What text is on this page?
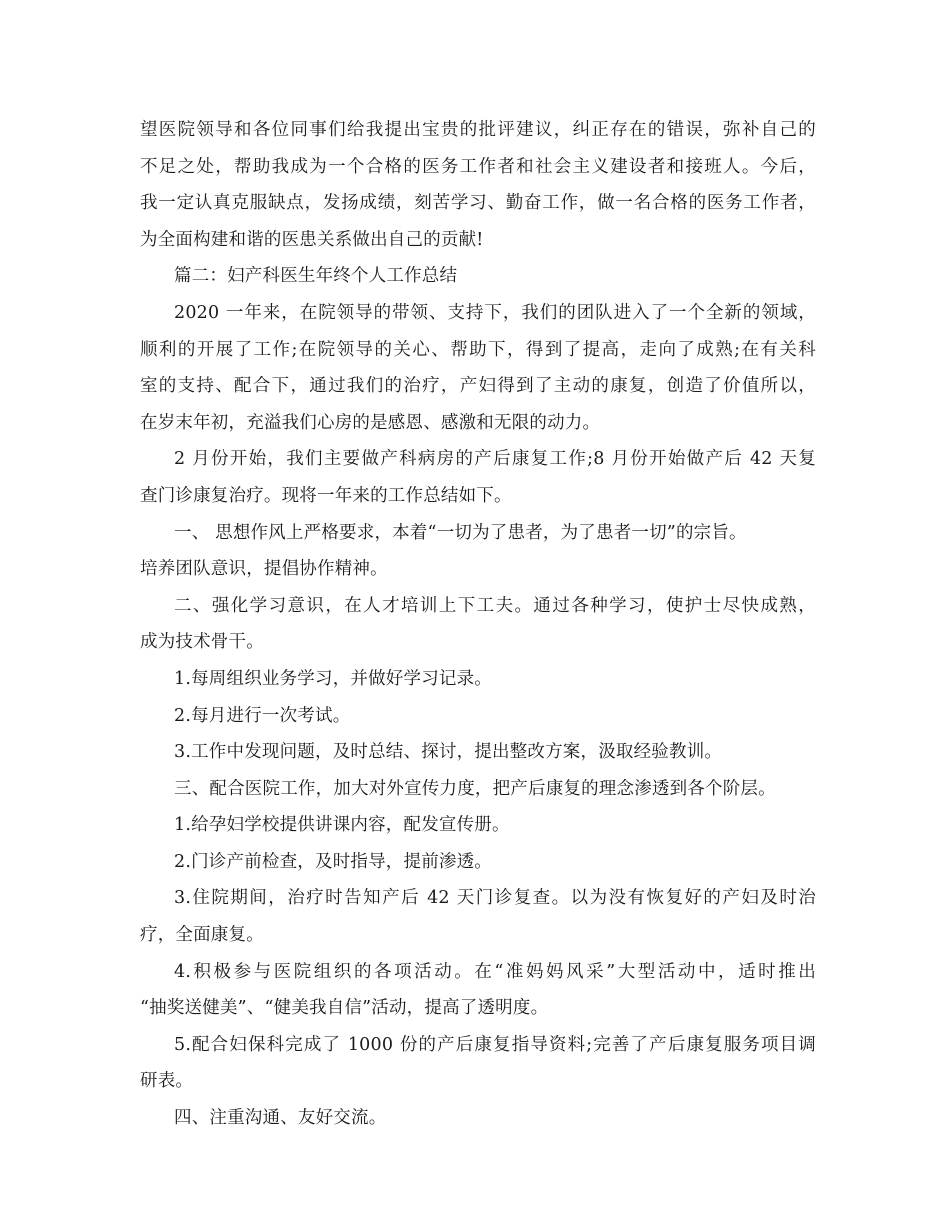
望医院领导和各位同事们给我提出宝贵的批评建议，纠正存在的错误，弥补自己的
不足之处，帮助我成为一个合格的医务工作者和社会主义建设者和接班人。今后，
我一定认真克服缺点，发扬成绩，刻苦学习、勤奋工作，做一名合格的医务工作者，
为全面构建和谐的医患关系做出自己的贡献!
篇二：妇产科医生年终个人工作总结
2020 一年来，在院领导的带领、支持下，我们的团队进入了一个全新的领域，
顺利的开展了工作;在院领导的关心、帮助下，得到了提高，走向了成熟;在有关科
室的支持、配合下，通过我们的治疗，产妇得到了主动的康复，创造了价值所以，
在岁末年初，充溢我们心房的是感恩、感激和无限的动力。
2 月份开始，我们主要做产科病房的产后康复工作;8 月份开始做产后 42 天复
查门诊康复治疗。现将一年来的工作总结如下。
一、 思想作风上严格要求，本着“一切为了患者，为了患者一切”的宗旨。
培养团队意识，提倡协作精神。
二、强化学习意识，在人才培训上下工夫。通过各种学习，使护士尽快成熟，
成为技术骨干。
1.每周组织业务学习，并做好学习记录。
2.每月进行一次考试。
3.工作中发现问题，及时总结、探讨，提出整改方案，汲取经验教训。
三、配合医院工作，加大对外宣传力度，把产后康复的理念渗透到各个阶层。
1.给孕妇学校提供讲课内容，配发宣传册。
2.门诊产前检查，及时指导，提前渗透。
3.住院期间，治疗时告知产后 42 天门诊复查。以为没有恢复好的产妇及时治
疗，全面康复。
4.积极参与医院组织的各项活动。在“准妈妈风采”大型活动中，适时推出
“抽奖送健美”、“健美我自信”活动，提高了透明度。
5.配合妇保科完成了 1000 份的产后康复指导资料;完善了产后康复服务项目调
研表。
四、注重沟通、友好交流。
